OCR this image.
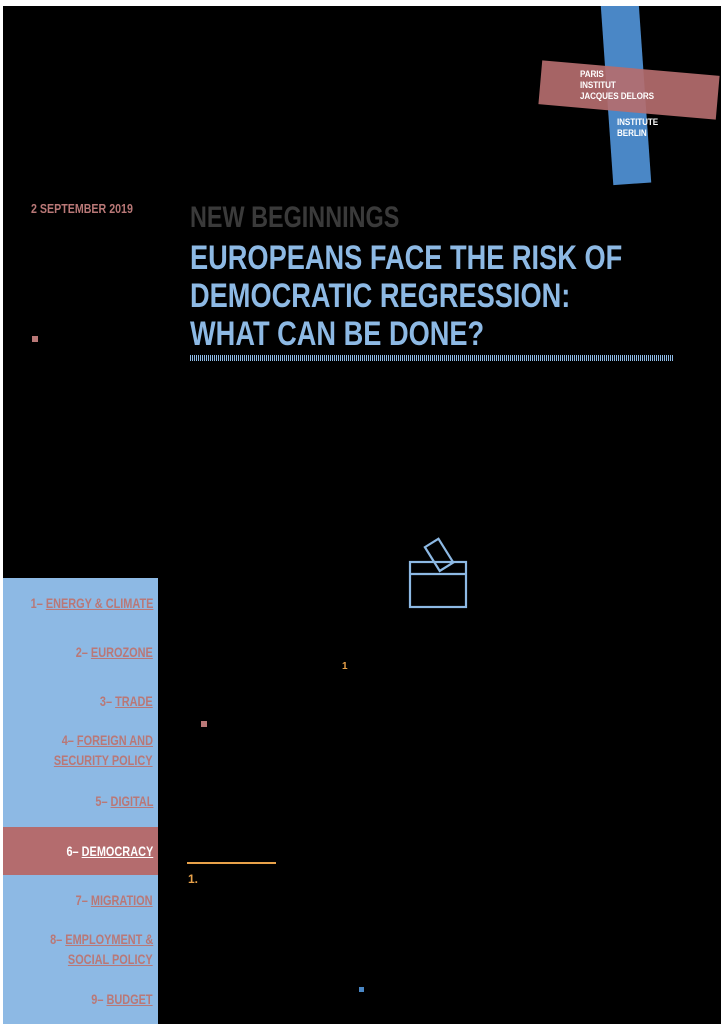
PARIS
INSTITUT
JACQUES DELORS
INSTITUTE
BERLIN
2 SEPTEMBER 2019 NEW BEGINNINGS
EUROPEANS FACE THE RISK OF
DEMOCRATIC REGRESSION:
WHAT CAN BE DONE?
1
1.
1– ENERGY & CLIMATE
2– EUROZONE
3– TRADE
4– FOREIGN AND
SECURITY POLICY
5– DIGITAL
6– DEMOCRACY
7– MIGRATION
8– EMPLOYMENT &
SOCIAL POLICY
9– BUDGET
